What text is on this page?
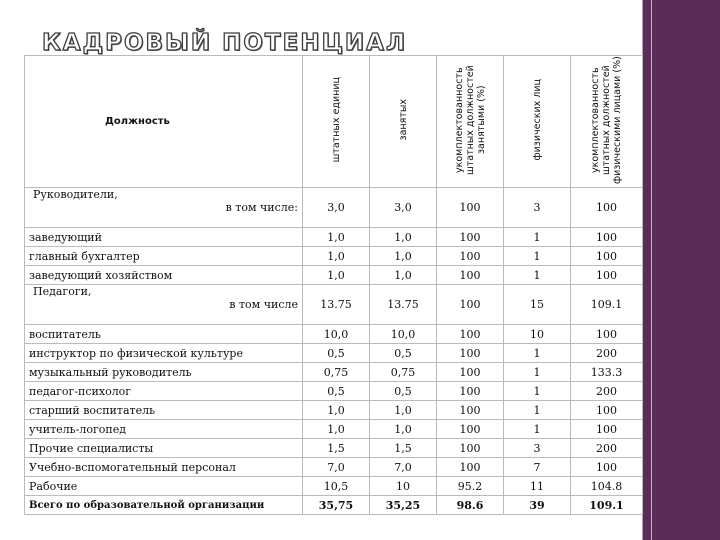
КАДРОВЫЙ ПОТЕНЦИАЛ
Должность	штатных единиц	занятых	укомплектованность штатных должностей занятыми (%)	физических лиц	укомплектованность штатных должностей физическими лицами (%)

Руководители,
в том числе:	3,0	3,0	100	3	100
заведующий	1,0	1,0	100	1	100
главный бухгалтер	1,0	1,0	100	1	100
заведующий хозяйством	1,0	1,0	100	1	100

Педагоги,
в том числе	13.75	13.75	100	15	109.1
воспитатель	10,0	10,0	100	10	100
инструктор по физической культуре	0,5	0,5	100	1	200
музыкальный руководитель	0,75	0,75	100	1	133.3
педагог-психолог	0,5	0,5	100	1	200
старший воспитатель	1,0	1,0	100	1	100
учитель-логопед	1,0	1,0	100	1	100
Прочие специалисты	1,5	1,5	100	3	200
Учебно-вспомогательный персонал	7,0	7,0	100	7	100
Рабочие	10,5	10	95.2	11	104.8
Всего по образовательной организации	35,75	35,25	98.6	39	109.1
